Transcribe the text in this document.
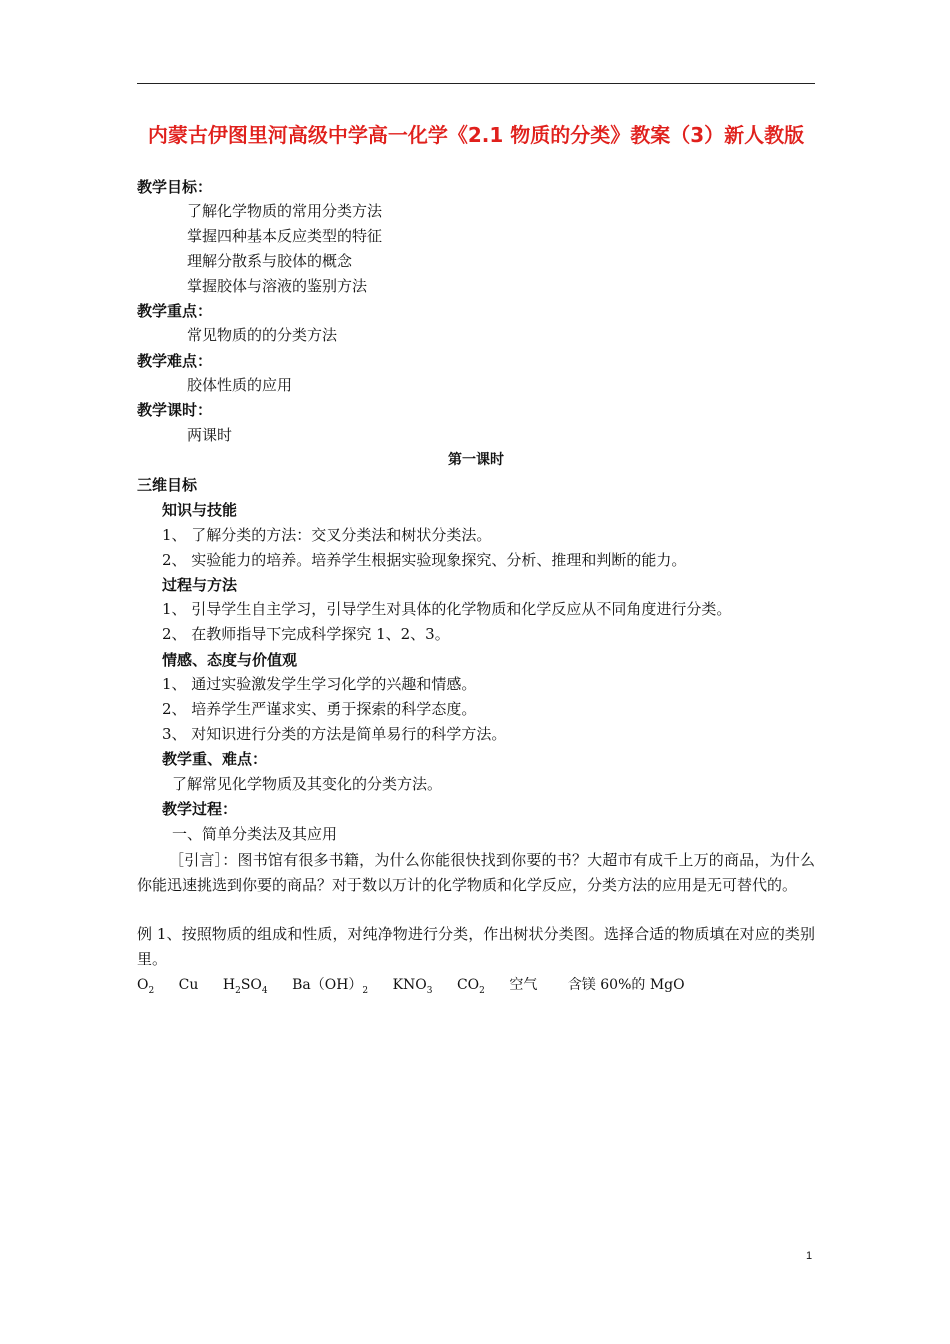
内蒙古伊图里河高级中学高一化学《2.1 物质的分类》教案（3）新人教版
教学目标：
了解化学物质的常用分类方法
掌握四种基本反应类型的特征
理解分散系与胶体的概念
掌握胶体与溶液的鉴别方法
教学重点：
常见物质的的分类方法
教学难点：
胶体性质的应用
教学课时：
两课时
第一课时
三维目标
知识与技能
1、 了解分类的方法：交叉分类法和树状分类法。
2、 实验能力的培养。培养学生根据实验现象探究、分析、推理和判断的能力。
过程与方法
1、 引导学生自主学习，引导学生对具体的化学物质和化学反应从不同角度进行分类。
2、 在教师指导下完成科学探究 1、2、3。
情感、态度与价值观
1、 通过实验激发学生学习化学的兴趣和情感。
2、 培养学生严谨求实、勇于探索的科学态度。
3、 对知识进行分类的方法是简单易行的科学方法。
教学重、难点：
了解常见化学物质及其变化的分类方法。
教学过程：
一、简单分类法及其应用
［引言］：图书馆有很多书籍，为什么你能很快找到你要的书？大超市有成千上万的商品，为什么你能迅速挑选到你要的商品？对于数以万计的化学物质和化学反应，分类方法的应用是无可替代的。
例 1、按照物质的组成和性质，对纯净物进行分类，作出树状分类图。选择合适的物质填在对应的类别里。
$O_2$ Cu $H_2SO_4$ $Ba(OH)_2$ $KNO_3$ $CO_2$ 空气 含镁 60%的 MgO
1
